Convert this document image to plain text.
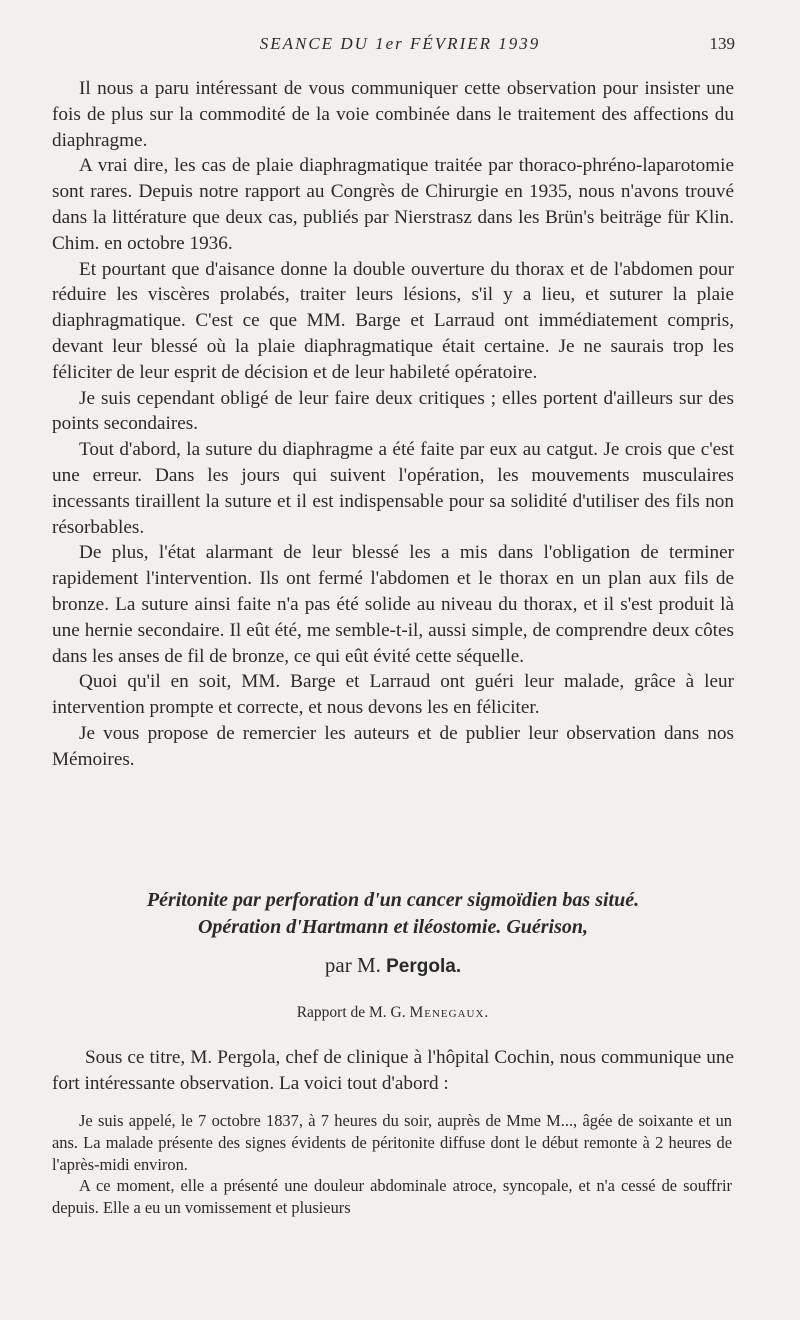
SEANCE DU 1er FÉVRIER 1939	139

Il nous a paru intéressant de vous communiquer cette observation pour insister une fois de plus sur la commodité de la voie combinée dans le traitement des affections du diaphragme.

A vrai dire, les cas de plaie diaphragmatique traitée par thoraco-phréno-laparotomie sont rares. Depuis notre rapport au Congrès de Chirurgie en 1935, nous n'avons trouvé dans la littérature que deux cas, publiés par Nierstrasz dans les Brün's beiträge für Klin. Chim. en octobre 1936.

Et pourtant que d'aisance donne la double ouverture du thorax et de l'abdomen pour réduire les viscères prolabés, traiter leurs lésions, s'il y a lieu, et suturer la plaie diaphragmatique. C'est ce que MM. Barge et Larraud ont immédiatement compris, devant leur blessé où la plaie diaphragmatique était certaine. Je ne saurais trop les féliciter de leur esprit de décision et de leur habileté opératoire.

Je suis cependant obligé de leur faire deux critiques ; elles portent d'ailleurs sur des points secondaires.

Tout d'abord, la suture du diaphragme a été faite par eux au catgut. Je crois que c'est une erreur. Dans les jours qui suivent l'opération, les mouvements musculaires incessants tiraillent la suture et il est indispensable pour sa solidité d'utiliser des fils non résorbables.

De plus, l'état alarmant de leur blessé les a mis dans l'obligation de terminer rapidement l'intervention. Ils ont fermé l'abdomen et le thorax en un plan aux fils de bronze. La suture ainsi faite n'a pas été solide au niveau du thorax, et il s'est produit là une hernie secondaire. Il eût été, me semble-t-il, aussi simple, de comprendre deux côtes dans les anses de fil de bronze, ce qui eût évité cette séquelle.

Quoi qu'il en soit, MM. Barge et Larraud ont guéri leur malade, grâce à leur intervention prompte et correcte, et nous devons les en féliciter.

Je vous propose de remercier les auteurs et de publier leur observation dans nos Mémoires.

Péritonite par perforation d'un cancer sigmoïdien bas situé.
Opération d'Hartmann et iléostomie. Guérison,
par M. Pergola.
Rapport de M. G. Menegaux.

Sous ce titre, M. Pergola, chef de clinique à l'hôpital Cochin, nous communique une fort intéressante observation. La voici tout d'abord :

Je suis appelé, le 7 octobre 1837, à 7 heures du soir, auprès de Mme M..., âgée de soixante et un ans. La malade présente des signes évidents de péritonite diffuse dont le début remonte à 2 heures de l'après-midi environ.

A ce moment, elle a présenté une douleur abdominale atroce, syncopale, et n'a cessé de souffrir depuis. Elle a eu un vomissement et plusieurs
